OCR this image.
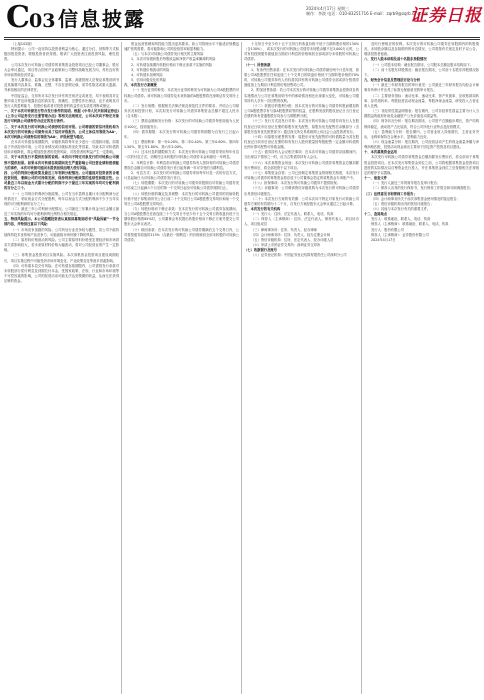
C 03 信息披露	2024年4月17日 星期三
制作：李波 电话：010-83251716 E-mail：zqrb9@zqrb.sina.net
证券日报

（上接C02版）

特别提示：公司一直坚持以投资者利益为核心，通过分红、回购等方式积极回报投资者，增强投资者获得感。敬请广大投资者注意投资风险，理性投资。

公司本次发行可转换公司债券的募集资金投资项目已经公司董事会、股东大会审议通过，项目符合国家产业政策和公司整体战略发展方向，具有良好的市场前景和经济效益。

发行人董事会、监事会及全体董事、监事、高级管理人员保证募集说明书及其摘要内容真实、准确、完整，不存在虚假记载、误导性陈述或重大遗漏，并承担相应的法律责任。

中国证监会、交易所对本次发行所作的任何决定或意见，均不表明其对注册申请文件及所披露信息的真实性、准确性、完整性作出保证，也不表明其对发行人的盈利能力、投资价值或者对投资者的收益作出实质性判断或保证。

一、关于本次可转债发行符合发行条件的说明。根据《中华人民共和国证券法》《上市公司证券发行注册管理办法》等相关法规规定，公司本次向不特定对象发行可转换公司债券符合法定的发行条件。

二、关于本次发行的可转换公司债券的信用评级。公司聘请的资信评级机构为本次发行的可转换公司债券出具了信用评级报告，公司主体信用等级为AA-，本次可转换公司债券信用等级为AA-，评级展望为稳定。

在本次可转债存续期限内，评级机构将每年至少进行一次跟踪评级。如果由于外部经营环境、公司自身情况或评级标准变化等因素，导致本次可转债的信用评级降低，将会增加投资者的投资风险，对投资者的利益产生一定影响。

三、关于本次发行不提供担保的说明。本次向不特定对象发行的可转换公司债券不提供担保。如果本次可转债存续期间发生严重影响公司经营业绩和偿债能力的事件，本次可转债可能因未提供担保而增大偿付风险。

四、公司的利润分配政策及最近三年利润分配情况。公司重视对投资者的合理投资回报，兼顾公司的可持续发展，保持利润分配政策的连续性和稳定性。公司最近三年以现金方式累计分配的利润不少于最近三年实现的年均可分配利润的百分之三十。

（一）公司现行的利润分配政策。公司在当年盈利且累计未分配利润为正的情况下，采取现金方式分配股利，每年以现金方式分配的利润不少于当年实现的可分配利润的百分之十。

（二）最近三年公司利润分配情况。公司最近三年累计现金分红金额占最近三年实现的年均可分配利润的比例符合相关规定。

五、特别风险提示。本公司提醒投资者认真阅读募集说明书“风险因素”一节全部内容，并特别注意以下风险：

（一）市场竞争加剧的风险。公司所处行业竞争较为激烈，若公司不能持续保持技术优势和产品竞争力，可能面临市场份额下降的风险。

（二）原材料价格波动的风险。公司主要原材料价格受宏观经济和市场供求关系影响较大，若未来原材料价格大幅波动，将对公司经营业绩产生一定影响。

（三）募集资金投资项目实施风险。本次募集资金投资项目建设周期较长，项目实施过程中可能受到市场环境变化、产业政策变化等诸多因素影响。

（四）可转债本息兑付风险。在可转债存续期限内，公司需按发行条款对未转股部分偿付利息及到期兑付本金。受国家政策、法规、行业和市场环境等不可控因素的影响，公司的经营活动可能无法达到预期的收益，从而无法获得足够的资金。

资金运营管理和风控能力提出更高要求。如公司管理水平不能适应规模迅速扩张的需要，将可能影响公司的经营效率和盈利能力。

（五）与本次可转换公司债券发行相关的主要风险

1、本次可转债转股后每股收益和净资产收益率摊薄的风险

2、可转债存续期内转股价格向下修正条款不实施的风险

3、可转债价格波动的风险

4、可转债未担保风险

5、信用评级变化的风险

六、本次发行方案概要

（一）发行证券的种类：本次发行证券的种类为可转换为公司A股股票的可转换公司债券。该可转换公司债券及未来转换的A股股票将在深圳证券交易所上市。

（二）发行规模：根据相关法律法规及规范性文件的要求，并结合公司财务状况和投资计划，本次拟发行可转换公司债券募集资金总额不超过人民币（含本数）。

（三）票面金额和发行价格：本次发行的可转换公司债券每张面值为人民币100元，按面值发行。

（四）债券期限：本次发行的可转换公司债券的期限为自发行之日起六年。

（五）票面利率：第一年0.20%、第二年0.40%、第三年0.80%、第四年1.50%、第五年1.80%、第六年2.00%。

（六）还本付息的期限和方式：本次发行的可转换公司债券采用每年付息一次的付息方式，到期归还未转股的可转换公司债券本金和最后一年利息。

1、年利息计算：年利息指可转换公司债券持有人按持有的可转换公司债券票面总金额自可转换公司债券发行首日起每满一年可享受的当期利息。

2、付息方式：本次发行的可转换公司债券采用每年付息一次的付息方式，计息起始日为可转换公司债券发行首日。

（七）转股期限：本次发行的可转换公司债券转股期自可转换公司债券发行结束之日起满六个月后的第一个交易日起至可转换公司债券到期日止。

（八）转股价格的确定及其调整：本次发行的可转换公司债券的初始转股价格不低于募集说明书公告日前二十个交易日公司A股股票交易均价和前一个交易日公司A股股票交易均价。

（九）转股价格向下修正条款：在本次发行的可转换公司债券存续期间，当公司A股股票在任意连续三十个交易日中至少有十五个交易日的收盘价低于当期转股价格的85%时，公司董事会有权提出转股价格向下修正方案并提交公司股东大会审议表决。

（十）赎回条款：在本次发行的可转换公司债券期满后五个交易日内，公司将按债券面值的115%（含最后一期利息）的价格赎回全部未转股的可转换公司债券。

十交易日中至少有十五个交易日的收盘价格不低于当期转股价格的130%（含130%），或本次发行的可转换公司债券未转股余额不足3,000万元时，公司有权按照债券面值加当期应计利息的价格赎回全部或部分未转股的可转换公司债券。

（十一）回售条款

1、有条件回售条款：在本次发行的可转换公司债券最后两个计息年度，如果公司A股股票在任何连续三十个交易日的收盘价格低于当期转股价格的70%时，可转换公司债券持有人有权将其持有的可转换公司债券全部或部分按债券面值加上当期应计利息的价格回售给公司。

2、附加回售条款：若公司本次发行的可转换公司债券募集资金投资项目的实施情况与公司在募集说明书中的承诺情况相比出现重大变化，可转换公司债券持有人享有一次回售的权利。

（十二）转股后的股利分配：因本次发行的可转换公司债券转股而增加的公司A股股票享有与原A股股票同等的权益，在股利发放的股权登记日当日登记在册的所有普通股股东均参与当期股利分配。

（十三）发行方式及发行对象：本次发行的可转换公司债券向发行人在股权登记日收市后登记在册的原股东优先配售，原股东优先配售后余额部分（含原股东放弃优先配售部分）通过深交所交易系统网上向社会公众投资者发行。

（十四）向原股东配售的安排：原股东可优先配售的可转债数量为其在股权登记日收市后登记在册的持有发行人股份数量按每股配售一定金额可转债的比例计算可配售可转债金额。

（十五）债券持有人会议相关事项：在本次可转换公司债券存续期间内，当出现以下情形之一时，应当召集债券持有人会议。

（十六）本次募集资金用途：本次发行可转换公司债券募集资金总额扣除发行费用后，将全部投资于以下项目。

（十七）募集资金存管：公司已经制定募集资金管理相关制度，本次发行可转换公司债券的募集资金将存放于公司董事会指定的募集资金专项账户中。

（十八）担保事项：本次发行的可转换公司债券不提供担保。

（十九）评级事项：公司聘请资信评级机构为本次发行的可转换公司债券出具资信评级报告。

（二十）本次发行方案的有效期：公司本次向不特定对象发行可转换公司债券方案的有效期为十二个月，自发行方案经股东大会审议通过之日起计算。

七、本次发行的有关机构

（一）发行人：住所、法定代表人、联系人、电话、传真

（二）保荐人（主承销商）：住所、法定代表人、保荐代表人、项目协办人、项目组成员

（三）律师事务所：住所、负责人、经办律师

（四）会计师事务所：住所、负责人、经办注册会计师

（五）资信评级机构：住所、法定代表人、经办评级人员

（六）申请上市的证券交易所：深圳证券交易所

（七）收款银行及账号

（八）证券登记机构：中国证券登记结算有限责任公司深圳分公司

及时行使相应的权利。本次发行的可转换公司债券在转股期内的转股情况、未转股余额以及存续期内的付息情况，公司将按有关规定及时予以公告，敬请投资者留意。

八、发行人股本结构及前十名股东持股情况

（一）公司股本结构：截至报告期末，公司股本总额及股本结构如下。

（二）前十名股东持股情况：截至报告期末，公司前十名股东持股情况如下。

九、财务会计信息及管理层讨论与分析

（一）最近三年财务报告的审计意见：公司最近三年财务报告均经会计师事务所审计并出具了标准无保留意见的审计报告。

（二）主要财务指标：流动比率、速动比率、资产负债率、应收账款周转率、存货周转率、每股经营活动现金流量、每股净现金流量、研发投入占营业收入比例。

（三）非经常性损益明细表：报告期内，公司非经常性损益主要为计入当期损益的政府补助及金融资产公允价值变动损益等。

（四）财务状况分析：报告期各期末，公司资产总额稳步增长，资产结构保持稳定，流动资产占比较高，符合公司所处行业特点及经营模式。

（五）盈利能力分析：报告期内，公司营业收入持续增长，主营业务突出，毛利率保持在合理水平，盈利能力良好。

（六）现金流量分析：报告期内，公司经营活动产生的现金流量净额与净利润相匹配，投资活动现金流出主要用于固定资产投资及项目建设。

十、本次募集资金运用

本次发行可转换公司债券募集资金总额扣除发行费用后，将全部用于募集资金投资项目。在本次发行募集资金到位之前，公司将根据募集资金投资项目进度的实际情况以自筹资金先行投入，并在募集资金到位之后按照相关法规规定的程序予以置换。

十一、备查文件

（一）发行人最近三年的财务报告及审计报告；

（二）保荐人出具的发行保荐书、发行保荐工作报告和尽职调查报告；

（三）法律意见书和律师工作报告；

（四）会计师事务所关于前次募集资金使用情况的鉴证报告；

（五）资信评级机构出具的资信评级报告；

（六）其他与本次发行有关的重要文件。

十二、查阅地点

发行人：联系地址、联系人、电话、传真

保荐人（主承销商）：联系地址、联系人、电话、传真

发行人：股份有限公司

保荐人（主承销商）：证券股份有限公司

2024年4月17日
